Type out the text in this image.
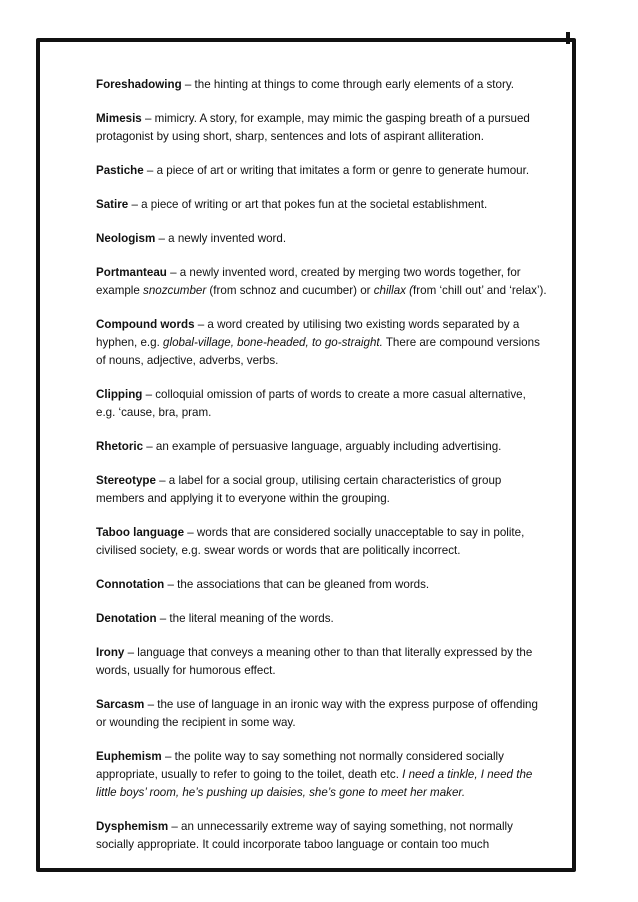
Foreshadowing – the hinting at things to come through early elements of a story.

Mimesis – mimicry. A story, for example, may mimic the gasping breath of a pursued protagonist by using short, sharp, sentences and lots of aspirant alliteration.

Pastiche – a piece of art or writing that imitates a form or genre to generate humour.

Satire – a piece of writing or art that pokes fun at the societal establishment.

Neologism – a newly invented word.

Portmanteau – a newly invented word, created by merging two words together, for example snozcumber (from schnoz and cucumber) or chillax (from ‘chill out’ and ‘relax’).

Compound words – a word created by utilising two existing words separated by a hyphen, e.g. global-village, bone-headed, to go-straight. There are compound versions of nouns, adjective, adverbs, verbs.

Clipping – colloquial omission of parts of words to create a more casual alternative, e.g. ‘cause, bra, pram.

Rhetoric – an example of persuasive language, arguably including advertising.

Stereotype – a label for a social group, utilising certain characteristics of group members and applying it to everyone within the grouping.

Taboo language – words that are considered socially unacceptable to say in polite, civilised society, e.g. swear words or words that are politically incorrect.

Connotation – the associations that can be gleaned from words.

Denotation – the literal meaning of the words.

Irony – language that conveys a meaning other to than that literally expressed by the words, usually for humorous effect.

Sarcasm – the use of language in an ironic way with the express purpose of offending or wounding the recipient in some way.

Euphemism – the polite way to say something not normally considered socially appropriate, usually to refer to going to the toilet, death etc. I need a tinkle, I need the little boys’ room, he’s pushing up daisies, she’s gone to meet her maker.

Dysphemism – an unnecessarily extreme way of saying something, not normally socially appropriate. It could incorporate taboo language or contain too much
